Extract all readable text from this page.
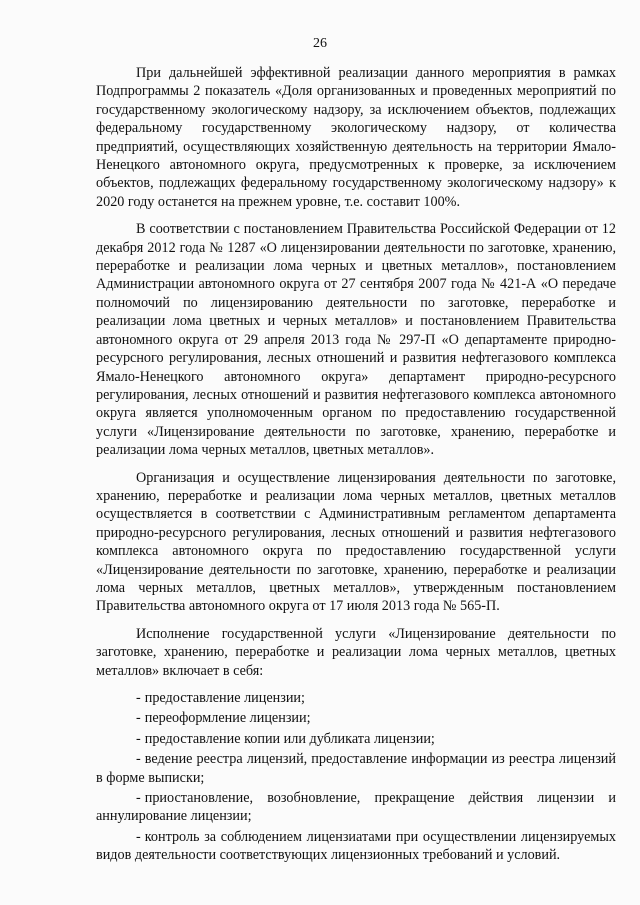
26

При дальнейшей эффективной реализации данного мероприятия в рамках Подпрограммы 2 показатель «Доля организованных и проведенных мероприятий по государственному экологическому надзору, за исключением объектов, подлежащих федеральному государственному экологическому надзору, от количества предприятий, осуществляющих хозяйственную деятельность на территории Ямало-Ненецкого автономного округа, предусмотренных к проверке, за исключением объектов, подлежащих федеральному государственному экологическому надзору» к 2020 году останется на прежнем уровне, т.е. составит 100%.

В соответствии с постановлением Правительства Российской Федерации от 12 декабря 2012 года № 1287 «О лицензировании деятельности по заготовке, хранению, переработке и реализации лома черных и цветных металлов», постановлением Администрации автономного округа от 27 сентября 2007 года № 421-А «О передаче полномочий по лицензированию деятельности по заготовке, переработке и реализации лома цветных и черных металлов» и постановлением Правительства автономного округа от 29 апреля 2013 года № 297-П «О департаменте природно-ресурсного регулирования, лесных отношений и развития нефтегазового комплекса Ямало-Ненецкого автономного округа» департамент природно-ресурсного регулирования, лесных отношений и развития нефтегазового комплекса автономного округа является уполномоченным органом по предоставлению государственной услуги «Лицензирование деятельности по заготовке, хранению, переработке и реализации лома черных металлов, цветных металлов».

Организация и осуществление лицензирования деятельности по заготовке, хранению, переработке и реализации лома черных металлов, цветных металлов осуществляется в соответствии с Административным регламентом департамента природно-ресурсного регулирования, лесных отношений и развития нефтегазового комплекса автономного округа по предоставлению государственной услуги «Лицензирование деятельности по заготовке, хранению, переработке и реализации лома черных металлов, цветных металлов», утвержденным постановлением Правительства автономного округа от 17 июля 2013 года № 565-П.

Исполнение государственной услуги «Лицензирование деятельности по заготовке, хранению, переработке и реализации лома черных металлов, цветных металлов» включает в себя:

- предоставление лицензии;
- переоформление лицензии;
- предоставление копии или дубликата лицензии;
- ведение реестра лицензий, предоставление информации из реестра лицензий в форме выписки;
- приостановление, возобновление, прекращение действия лицензии и аннулирование лицензии;
- контроль за соблюдением лицензиатами при осуществлении лицензируемых видов деятельности соответствующих лицензионных требований и условий.
